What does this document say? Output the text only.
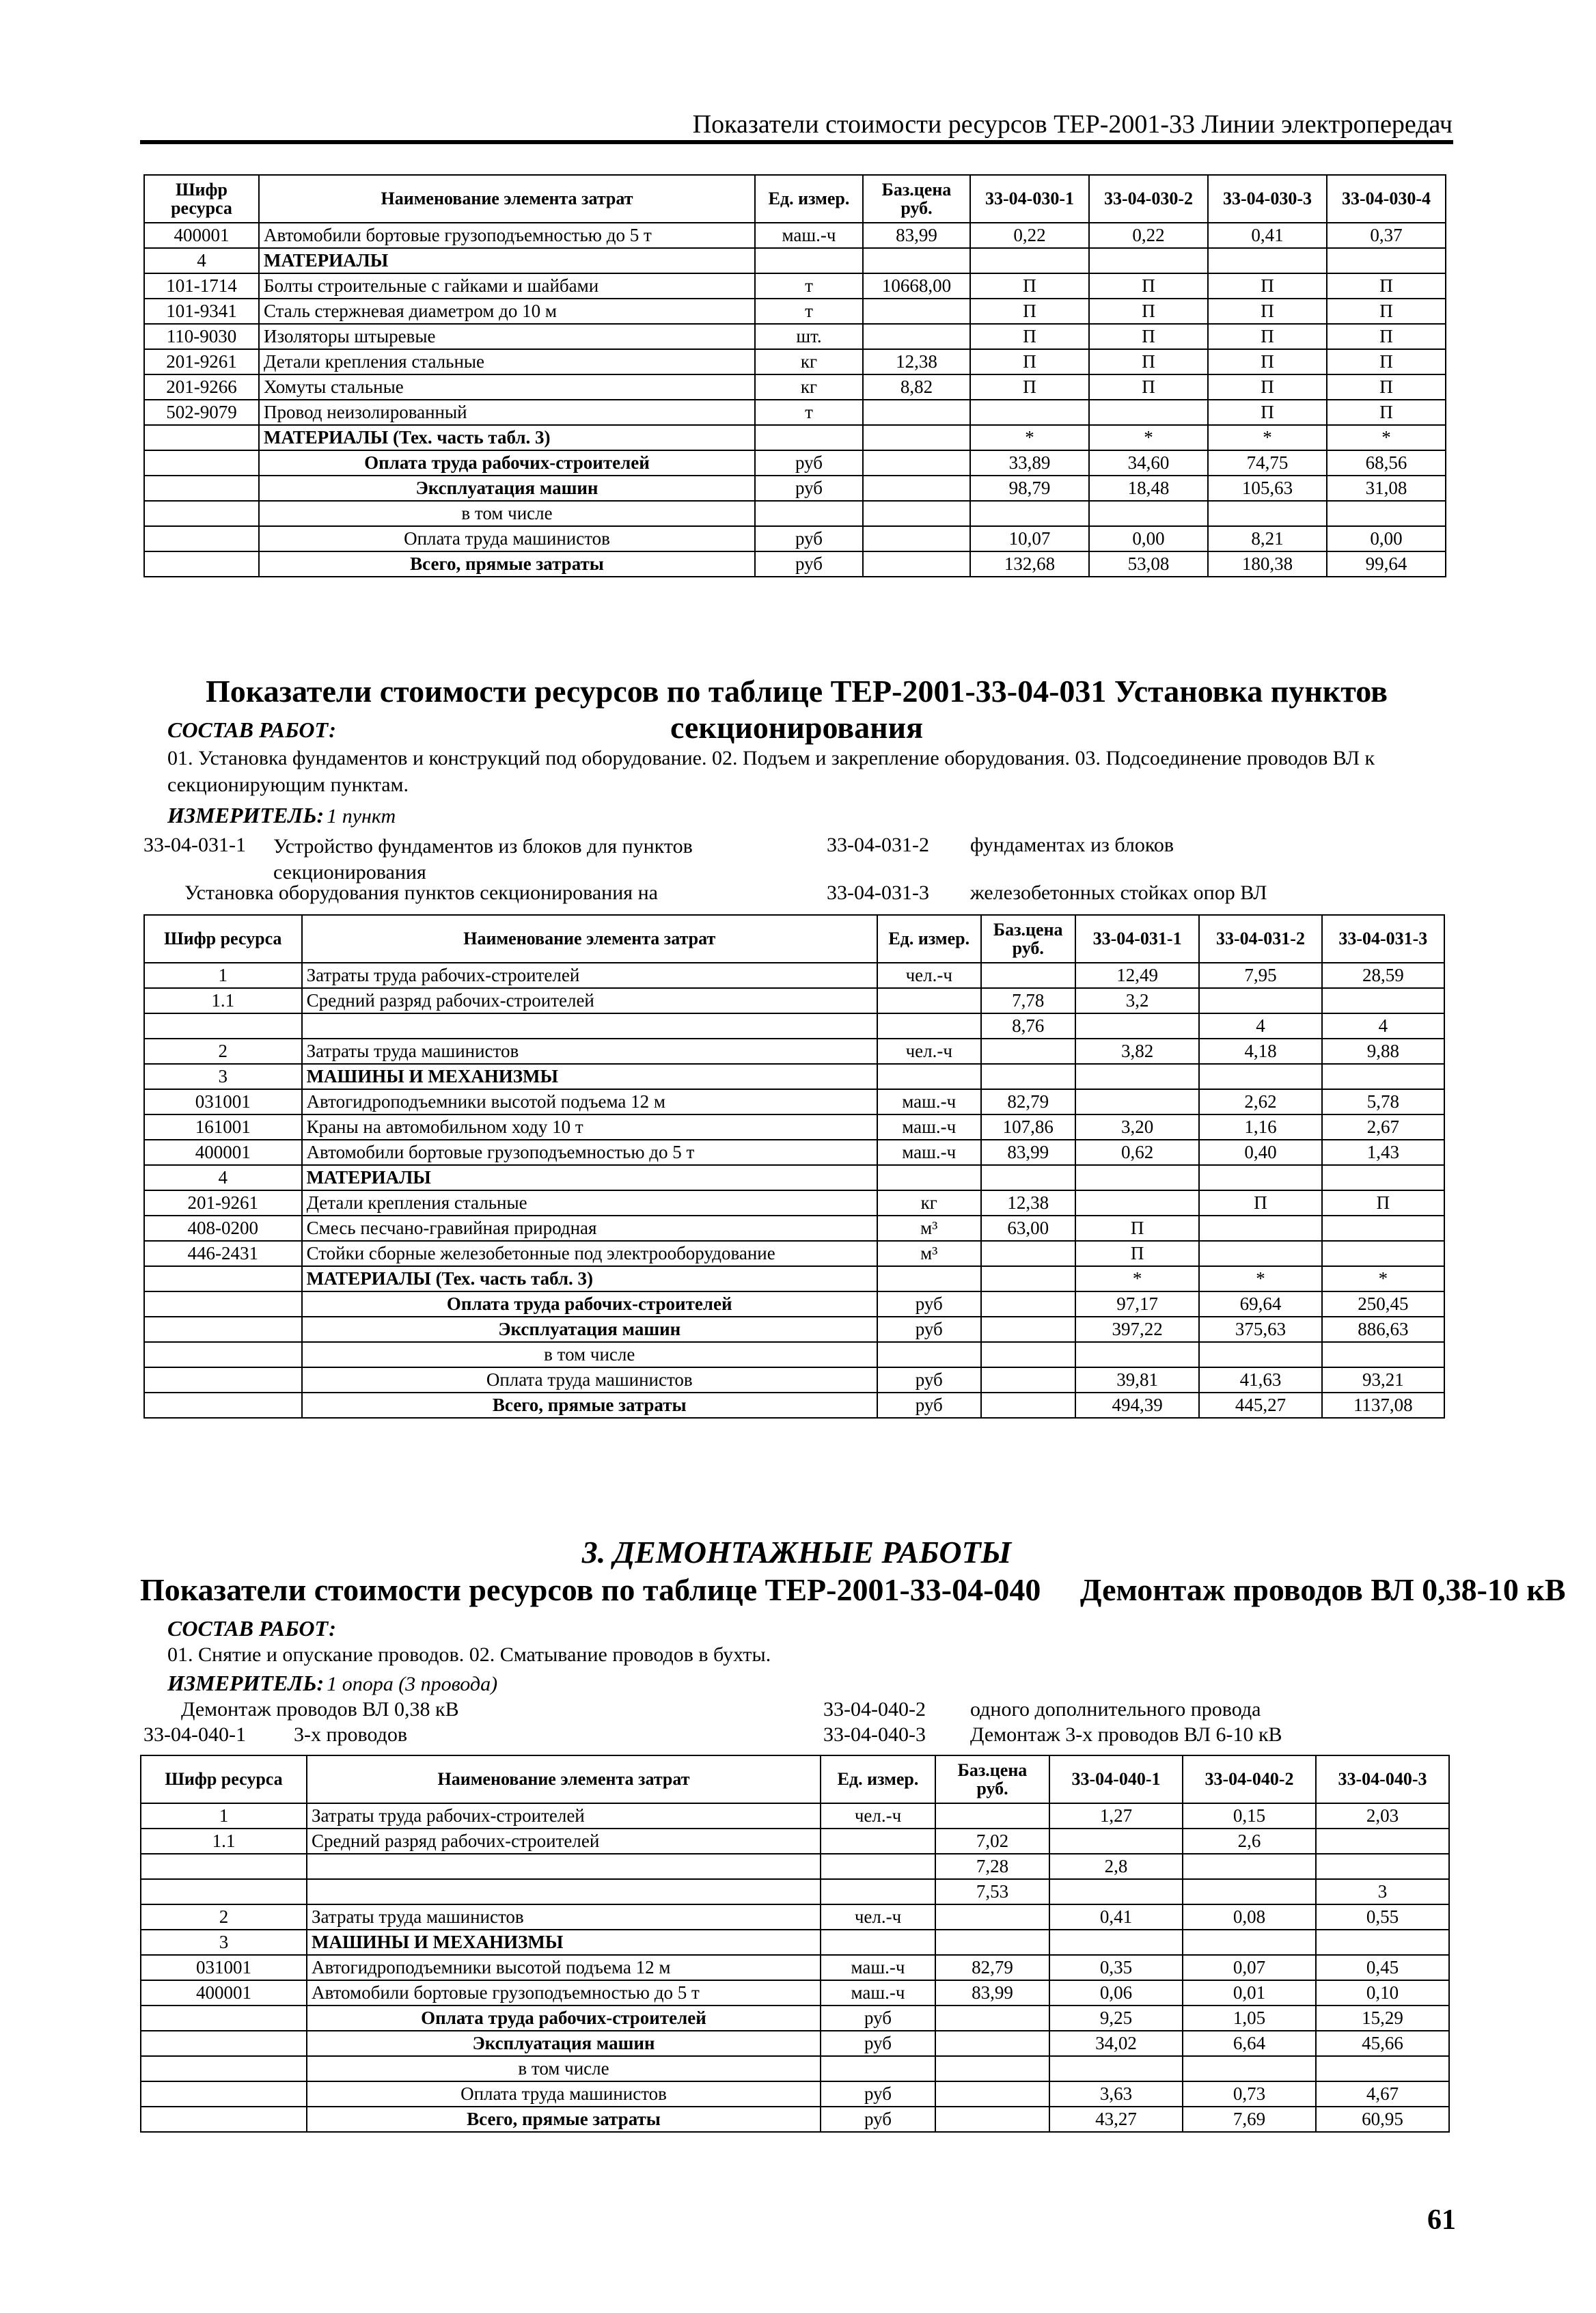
Показатели стоимости ресурсов ТЕР-2001-33 Линии электропередач
Шифр ресурса	Наименование элемента затрат	Ед. измер.	Баз.цена руб.	33-04-030-1	33-04-030-2	33-04-030-3	33-04-030-4
400001	Автомобили бортовые грузоподъемностью до 5 т	маш.-ч	83,99	0,22	0,22	0,41	0,37
4	МАТЕРИАЛЫ						
101-1714	Болты строительные с гайками и шайбами	т	10668,00	П	П	П	П
101-9341	Сталь стержневая диаметром до 10 м	т		П	П	П	П
110-9030	Изоляторы штыревые	шт.		П	П	П	П
201-9261	Детали крепления стальные	кг	12,38	П	П	П	П
201-9266	Хомуты стальные	кг	8,82	П	П	П	П
502-9079	Провод неизолированный	т				П	П
	МАТЕРИАЛЫ (Тех. часть табл. 3)			*	*	*	*
	Оплата труда рабочих-строителей	руб		33,89	34,60	74,75	68,56
	Эксплуатация машин	руб		98,79	18,48	105,63	31,08
	в том числе						
	Оплата труда машинистов	руб		10,07	0,00	8,21	0,00
	Всего, прямые затраты	руб		132,68	53,08	180,38	99,64
Показатели стоимости ресурсов по таблице ТЕР-2001-33-04-031 Установка пунктов секционирования
СОСТАВ РАБОТ:
01. Установка фундаментов и конструкций под оборудование. 02. Подъем и закрепление оборудования. 03. Подсоединение проводов ВЛ к секционирующим пунктам.
ИЗМЕРИТЕЛЬ: 1 пункт
33-04-031-1 Устройство фундаментов из блоков для пунктов секционирования
33-04-031-2 фундаментах из блоков
Установка оборудования пунктов секционирования на	33-04-031-3 железобетонных стойках опор ВЛ
Шифр ресурса	Наименование элемента затрат	Ед. измер.	Баз.цена руб.	33-04-031-1	33-04-031-2	33-04-031-3
1	Затраты труда рабочих-строителей	чел.-ч		12,49	7,95	28,59
1.1	Средний разряд рабочих-строителей		7,78	3,2		
			8,76		4	4
2	Затраты труда машинистов	чел.-ч		3,82	4,18	9,88
3	МАШИНЫ И МЕХАНИЗМЫ					
031001	Автогидроподъемники высотой подъема 12 м	маш.-ч	82,79		2,62	5,78
161001	Краны на автомобильном ходу 10 т	маш.-ч	107,86	3,20	1,16	2,67
400001	Автомобили бортовые грузоподъемностью до 5 т	маш.-ч	83,99	0,62	0,40	1,43
4	МАТЕРИАЛЫ					
201-9261	Детали крепления стальные	кг	12,38		П	П
408-0200	Смесь песчано-гравийная природная	м³	63,00	П		
446-2431	Стойки сборные железобетонные под электрооборудование	м³		П		
	МАТЕРИАЛЫ (Тех. часть табл. 3)			*	*	*
	Оплата труда рабочих-строителей	руб		97,17	69,64	250,45
	Эксплуатация машин	руб		397,22	375,63	886,63
	в том числе					
	Оплата труда машинистов	руб		39,81	41,63	93,21
	Всего, прямые затраты	руб		494,39	445,27	1137,08
3. ДЕМОНТАЖНЫЕ РАБОТЫ
Показатели стоимости ресурсов по таблице ТЕР-2001-33-04-040     Демонтаж проводов ВЛ 0,38-10 кВ
СОСТАВ РАБОТ:
01. Снятие и опускание проводов. 02. Сматывание проводов в бухты.
ИЗМЕРИТЕЛЬ: 1 опора (3 провода)
Демонтаж проводов ВЛ 0,38 кВ	33-04-040-2 одного дополнительного провода
33-04-040-1 3-х проводов	33-04-040-3 Демонтаж 3-х проводов ВЛ 6-10 кВ
Шифр ресурса	Наименование элемента затрат	Ед. измер.	Баз.цена руб.	33-04-040-1	33-04-040-2	33-04-040-3
1	Затраты труда рабочих-строителей	чел.-ч		1,27	0,15	2,03
1.1	Средний разряд рабочих-строителей		7,02		2,6	
			7,28	2,8		
			7,53			3
2	Затраты труда машинистов	чел.-ч		0,41	0,08	0,55
3	МАШИНЫ И МЕХАНИЗМЫ					
031001	Автогидроподъемники высотой подъема 12 м	маш.-ч	82,79	0,35	0,07	0,45
400001	Автомобили бортовые грузоподъемностью до 5 т	маш.-ч	83,99	0,06	0,01	0,10
	Оплата труда рабочих-строителей	руб		9,25	1,05	15,29
	Эксплуатация машин	руб		34,02	6,64	45,66
	в том числе					
	Оплата труда машинистов	руб		3,63	0,73	4,67
	Всего, прямые затраты	руб		43,27	7,69	60,95
61
